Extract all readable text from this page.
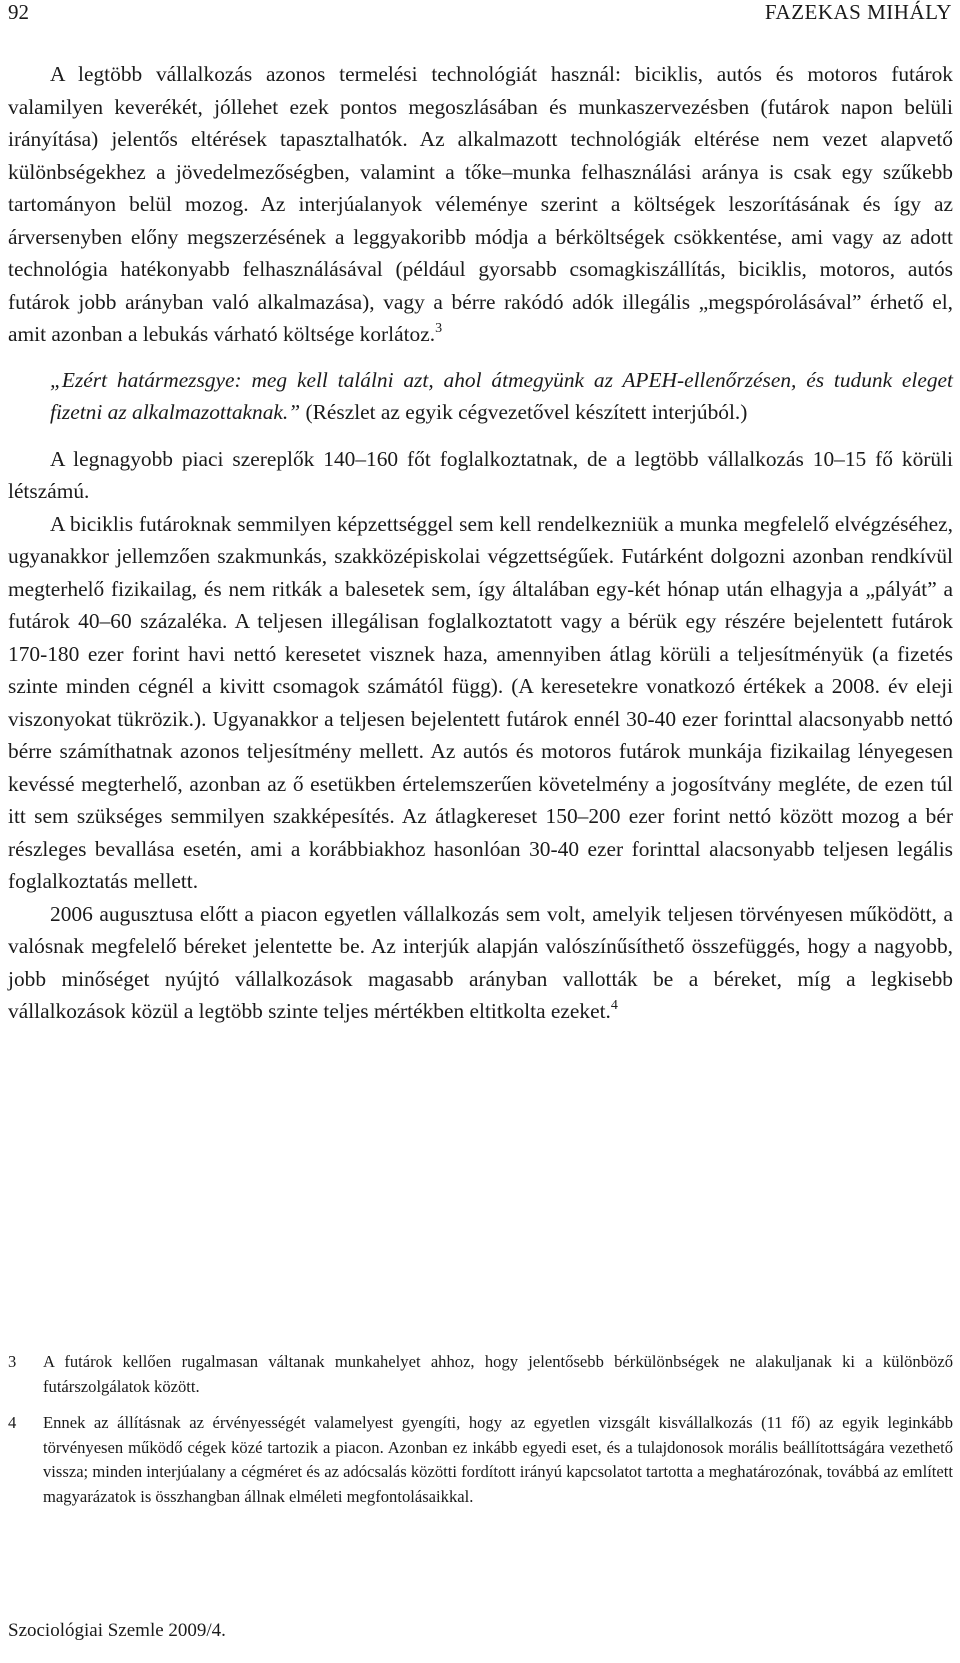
92	FAZEKAS MIHÁLY

A legtöbb vállalkozás azonos termelési technológiát használ: biciklis, autós és motoros futárok valamilyen keverékét, jóllehet ezek pontos megoszlásában és munkaszervezésben (futárok napon belüli irányítása) jelentős eltérések tapasztalhatók. Az alkalmazott technológiák eltérése nem vezet alapvető különbségekhez a jövedelmezőségben, valamint a tőke–munka felhasználási aránya is csak egy szűkebb tartományon belül mozog. Az interjúalanyok véleménye szerint a költségek leszorításának és így az árversenyben előny megszerzésének a leggyakoribb módja a bérköltségek csökkentése, ami vagy az adott technológia hatékonyabb felhasználásával (például gyorsabb csomagkiszállítás, biciklis, motoros, autós futárok jobb arányban való alkalmazása), vagy a bérre rakódó adók illegális „megspórolásával” érhető el, amit azonban a lebukás várható költsége korlátoz.$^3$

„Ezért határmezsgye: meg kell találni azt, ahol átmegyünk az APEH-ellenőrzésen, és tudunk eleget fizetni az alkalmazottaknak.” (Részlet az egyik cégvezetővel készített interjúból.)

A legnagyobb piaci szereplők 140–160 főt foglalkoztatnak, de a legtöbb vállalkozás 10–15 fő körüli létszámú.

A biciklis futároknak semmilyen képzettséggel sem kell rendelkezniük a munka megfelelő elvégzéséhez, ugyanakkor jellemzően szakmunkás, szakközépiskolai végzettségűek. Futárként dolgozni azonban rendkívül megterhelő fizikailag, és nem ritkák a balesetek sem, így általában egy-két hónap után elhagyja a „pályát” a futárok 40–60 százaléka. A teljesen illegálisan foglalkoztatott vagy a bérük egy részére bejelentett futárok 170-180 ezer forint havi nettó keresetet visznek haza, amennyiben átlag körüli a teljesítményük (a fizetés szinte minden cégnél a kivitt csomagok számától függ). (A keresetekre vonatkozó értékek a 2008. év eleji viszonyokat tükrözik.). Ugyanakkor a teljesen bejelentett futárok ennél 30-40 ezer forinttal alacsonyabb nettó bérre számíthatnak azonos teljesítmény mellett. Az autós és motoros futárok munkája fizikailag lényegesen kevéssé megterhelő, azonban az ő esetükben értelemszerűen követelmény a jogosítvány megléte, de ezen túl itt sem szükséges semmilyen szakképesítés. Az átlagkereset 150–200 ezer forint nettó között mozog a bér részleges bevallása esetén, ami a korábbiakhoz hasonlóan 30-40 ezer forinttal alacsonyabb teljesen legális foglalkoztatás mellett.

2006 augusztusa előtt a piacon egyetlen vállalkozás sem volt, amelyik teljesen törvényesen működött, a valósnak megfelelő béreket jelentette be. Az interjúk alapján valószínűsíthető összefüggés, hogy a nagyobb, jobb minőséget nyújtó vállalkozások magasabb arányban vallották be a béreket, míg a legkisebb vállalkozások közül a legtöbb szinte teljes mértékben eltitkolta ezeket.$^4$

3 A futárok kellően rugalmasan váltanak munkahelyet ahhoz, hogy jelentősebb bérkülönbségek ne alakuljanak ki a különböző futárszolgálatok között.
4 Ennek az állításnak az érvényességét valamelyest gyengíti, hogy az egyetlen vizsgált kisvállalkozás (11 fő) az egyik leginkább törvényesen működő cégek közé tartozik a piacon. Azonban ez inkább egyedi eset, és a tulajdonosok morális beállítottságára vezethető vissza; minden interjúalany a cégméret és az adócsalás közötti fordított irányú kapcsolatot tartotta a meghatározónak, továbbá az említett magyarázatok is összhangban állnak elméleti megfontolásaikkal.
Szociológiai Szemle 2009/4.
